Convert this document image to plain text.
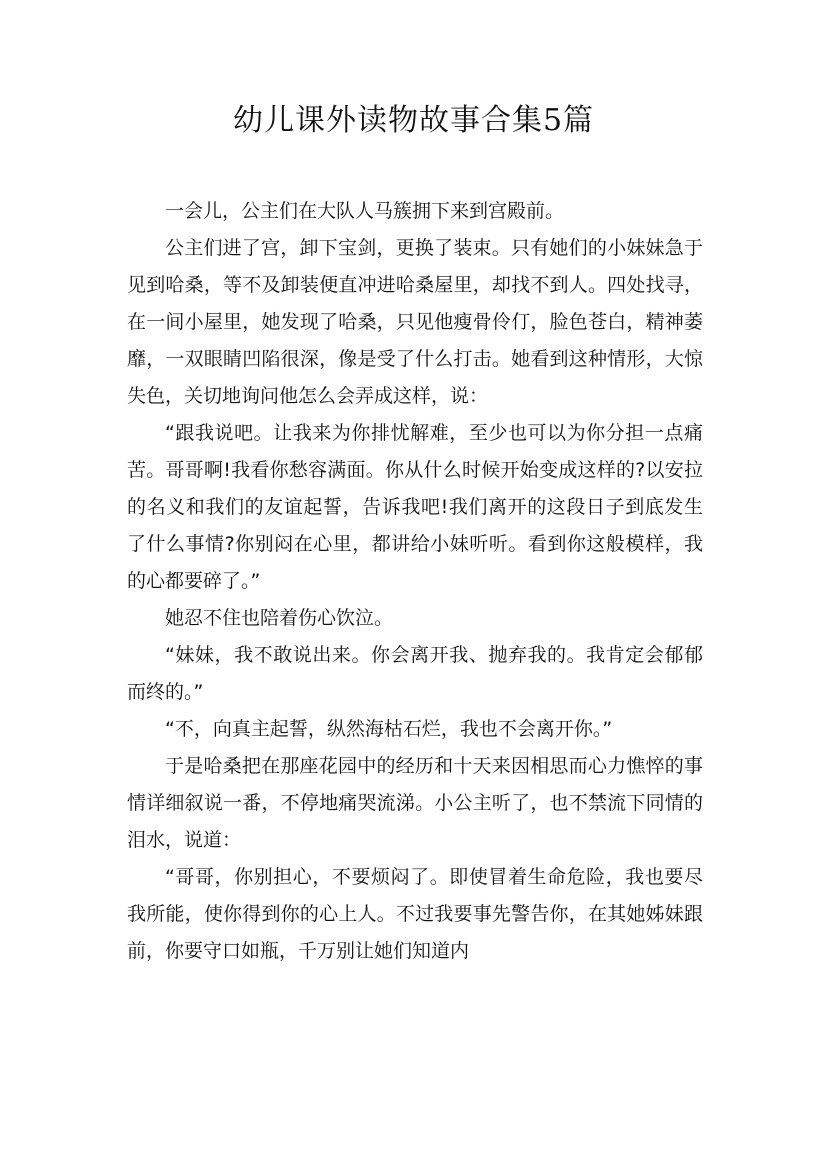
幼儿课外读物故事合集5篇

一会儿，公主们在大队人马簇拥下来到宫殿前。

公主们进了宫，卸下宝剑，更换了装束。只有她们的小妹妹急于见到哈桑，等不及卸装便直冲进哈桑屋里，却找不到人。四处找寻，在一间小屋里，她发现了哈桑，只见他瘦骨伶仃，脸色苍白，精神萎靡，一双眼睛凹陷很深，像是受了什么打击。她看到这种情形，大惊失色，关切地询问他怎么会弄成这样，说：

“跟我说吧。让我来为你排忧解难，至少也可以为你分担一点痛苦。哥哥啊!我看你愁容满面。你从什么时候开始变成这样的?以安拉的名义和我们的友谊起誓，告诉我吧!我们离开的这段日子到底发生了什么事情?你别闷在心里，都讲给小妹听听。看到你这般模样，我的心都要碎了。”

她忍不住也陪着伤心饮泣。

“妹妹，我不敢说出来。你会离开我、抛弃我的。我肯定会郁郁而终的。”

“不，向真主起誓，纵然海枯石烂，我也不会离开你。”

于是哈桑把在那座花园中的经历和十天来因相思而心力憔悴的事情详细叙说一番，不停地痛哭流涕。小公主听了，也不禁流下同情的泪水，说道：

“哥哥，你别担心，不要烦闷了。即使冒着生命危险，我也要尽我所能，使你得到你的心上人。不过我要事先警告你，在其她姊妹跟前，你要守口如瓶，千万别让她们知道内
